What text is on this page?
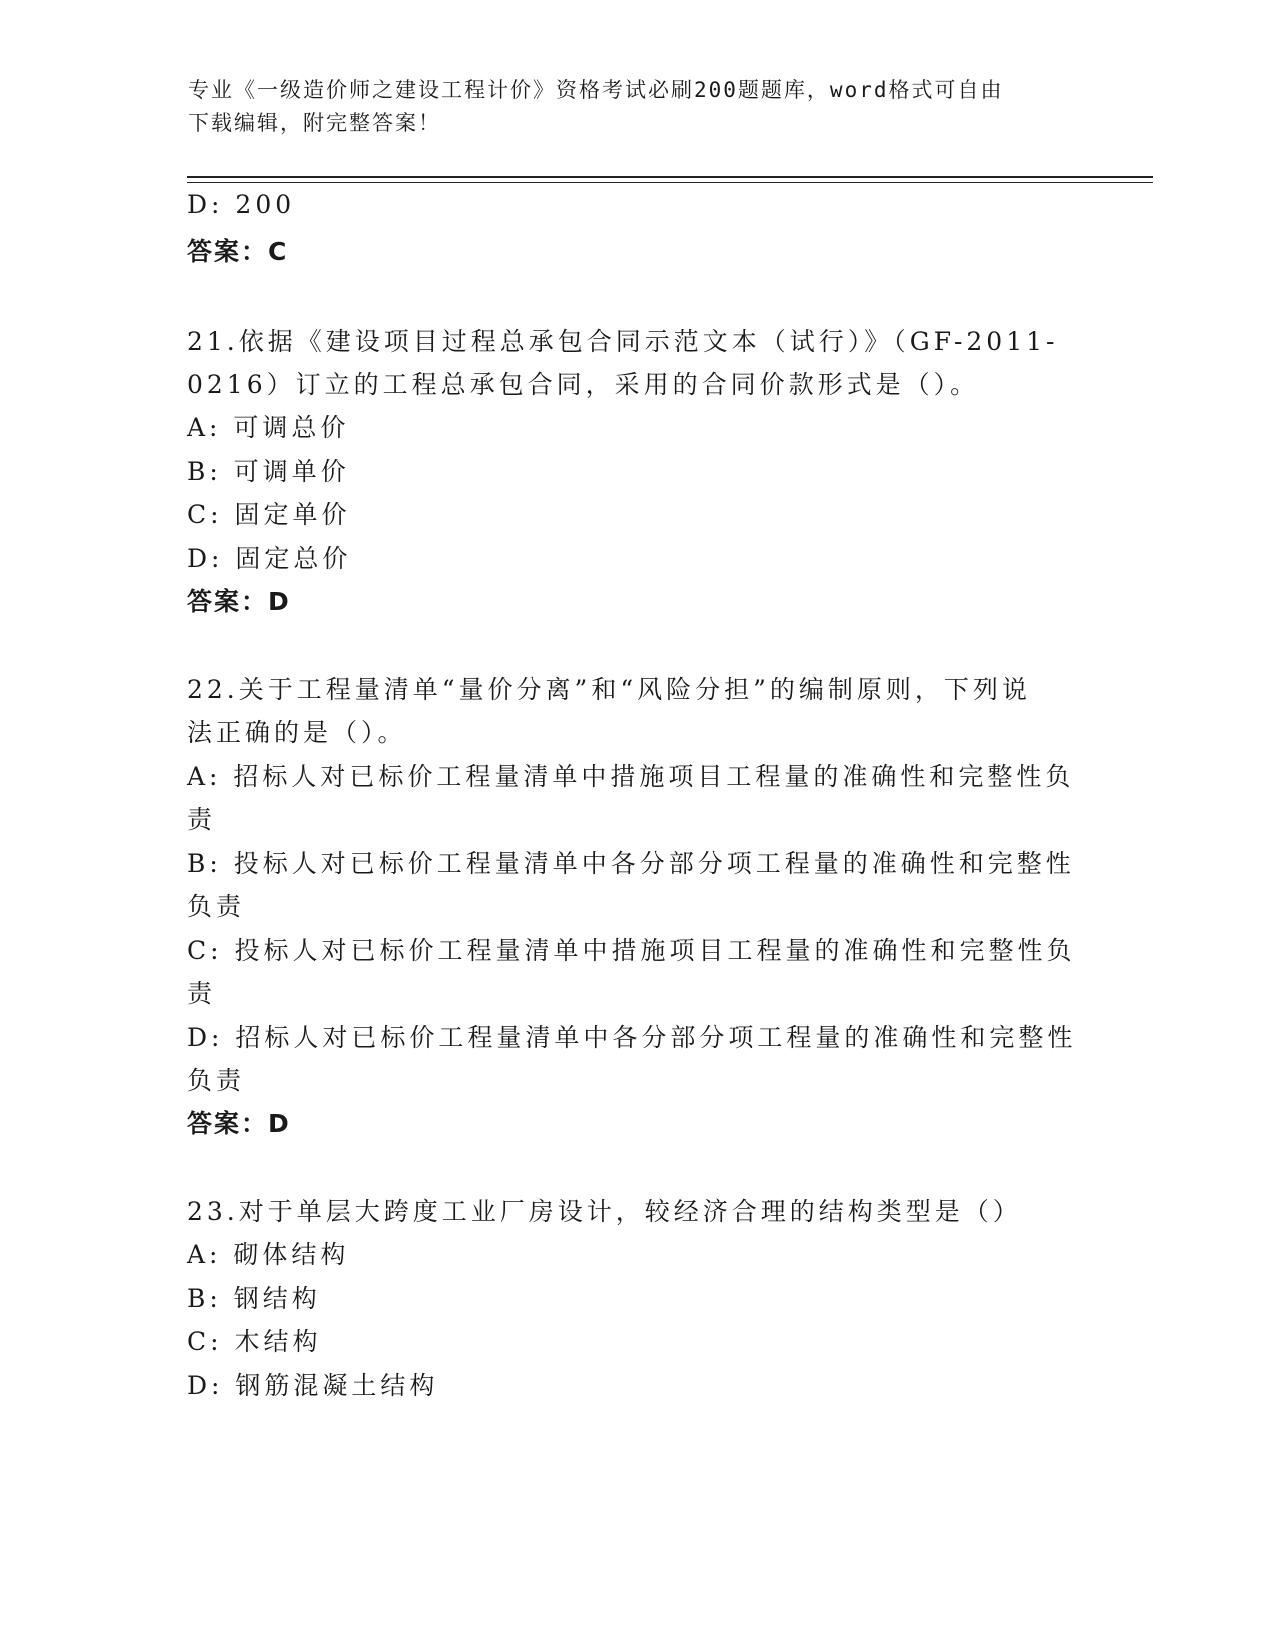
专业《一级造价师之建设工程计价》资格考试必刷200题题库，word格式可自由
下载编辑，附完整答案！
D: 200
答案：C
21.依据《建设项目过程总承包合同示范文本（试行）》（GF-2011-
0216）订立的工程总承包合同，采用的合同价款形式是（）。
A: 可调总价
B: 可调单价
C: 固定单价
D: 固定总价
答案：D
22.关于工程量清单“量价分离”和“风险分担”的编制原则，下列说
法正确的是（）。
A: 招标人对已标价工程量清单中措施项目工程量的准确性和完整性负
责
B: 投标人对已标价工程量清单中各分部分项工程量的准确性和完整性
负责
C: 投标人对已标价工程量清单中措施项目工程量的准确性和完整性负
责
D: 招标人对已标价工程量清单中各分部分项工程量的准确性和完整性
负责
答案：D
23.对于单层大跨度工业厂房设计，较经济合理的结构类型是（）
A: 砌体结构
B: 钢结构
C: 木结构
D: 钢筋混凝土结构
